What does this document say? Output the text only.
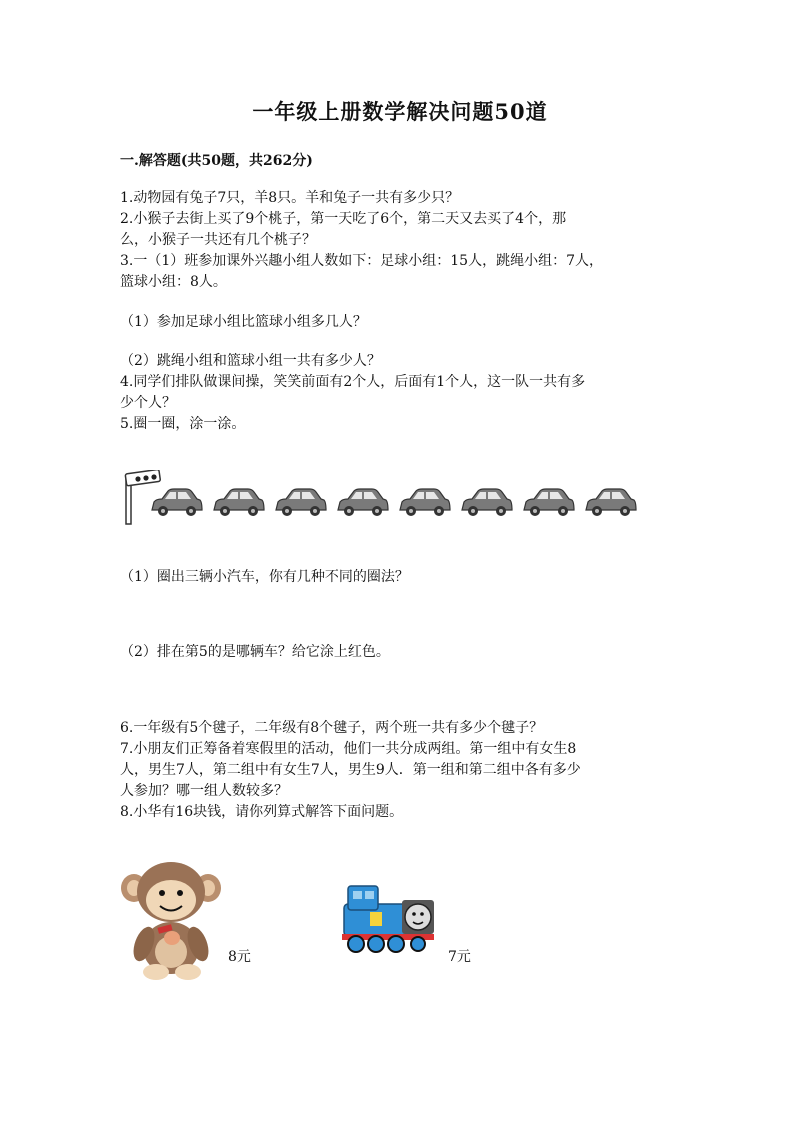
一年级上册数学解决问题50道
一.解答题(共50题，共262分)
1.动物园有兔子7只，羊8只。羊和兔子一共有多少只？
2.小猴子去街上买了9个桃子，第一天吃了6个，第二天又去买了4个，那
么，小猴子一共还有几个桃子？
3.一（1）班参加课外兴趣小组人数如下：足球小组：15人，跳绳小组：7人，
篮球小组：8人。
（1）参加足球小组比篮球小组多几人？
（2）跳绳小组和篮球小组一共有多少人？
4.同学们排队做课间操，笑笑前面有2个人，后面有1个人，这一队一共有多
少个人？
5.圈一圈，涂一涂。
（1）圈出三辆小汽车，你有几种不同的圈法？
（2）排在第5的是哪辆车？给它涂上红色。
6.一年级有5个毽子，二年级有8个毽子，两个班一共有多少个毽子？
7.小朋友们正筹备着寒假里的活动，他们一共分成两组。第一组中有女生8
人，男生7人，第二组中有女生7人，男生9人．第一组和第二组中各有多少
人参加？哪一组人数较多？
8.小华有16块钱，请你列算式解答下面问题。
8元	7元
